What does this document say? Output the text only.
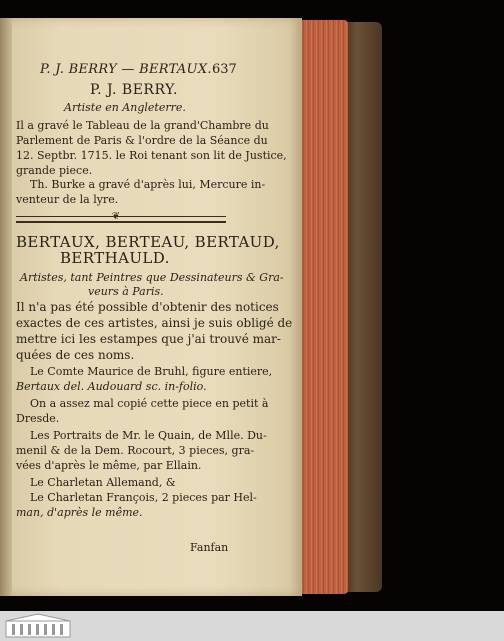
P. J. BERRY — BERTAUX. 637
P. J. BERRY.
Artiste en Angleterre.
Il a gravé le Tableau de la grand'Chambre du
Parlement de Paris & l'ordre de la Séance du
12. Septbr. 1715. le Roi tenant son lit de Justice,
grande piece.
Th. Burke a gravé d'après lui, Mercure in-
venteur de la lyre.
❦
BERTAUX, BERTEAU, BERTAUD,
BERTHAULD.
Artistes, tant Peintres que Dessinateurs & Gra-
veurs à Paris.
Il n'a pas été possible d'obtenir des notices
exactes de ces artistes, ainsi je suis obligé de
mettre ici les estampes que j'ai trouvé mar-
quées de ces noms.
Le Comte Maurice de Bruhl, figure entiere,
Bertaux del. Audouard sc. in-folio.
On a assez mal copié cette piece en petit à
Dresde.
Les Portraits de Mr. le Quain, de Mlle. Du-
menil & de la Dem. Rocourt, 3 pieces, gra-
vées d'après le même, par Ellain.
Le Charletan Allemand, &
Le Charletan François, 2 pieces par Hel-
man, d'après le même.
Fanfan
